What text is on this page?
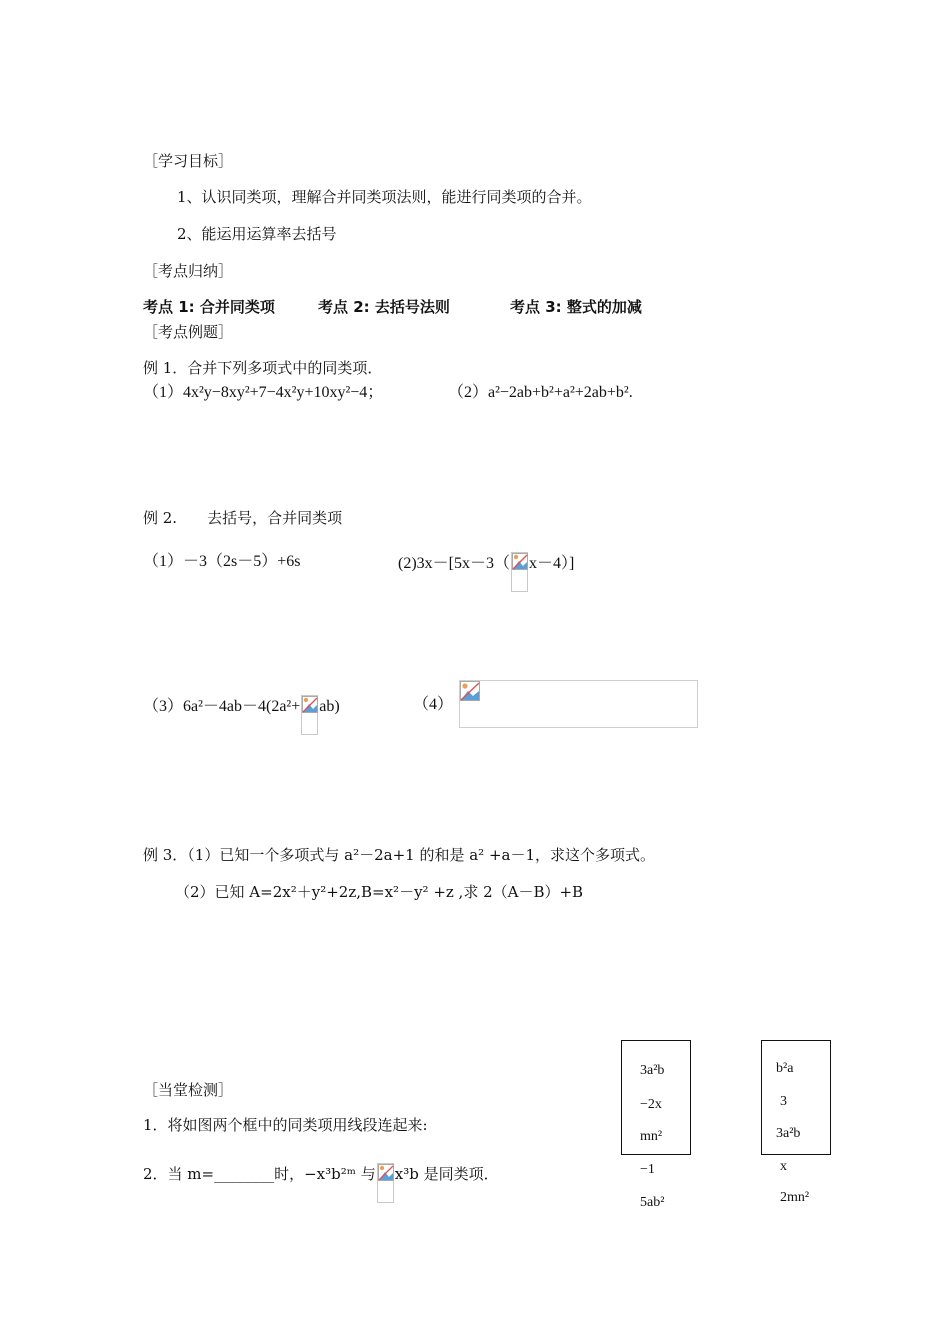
［学习目标］
1、认识同类项，理解合并同类项法则，能进行同类项的合并。
2、能运用运算率去括号
［考点归纳］
考点 1: 合并同类项	考点 2: 去括号法则	考点 3: 整式的加减
［考点例题］
例 1．合并下列多项式中的同类项．
（1）4x²y−8xy²+7−4x²y+10xy²−4；	（2）a²−2ab+b²+a²+2ab+b².
例 2.　　去括号，合并同类项
（1）－3（2s－5）+6s	(2)3x－[5x－3（ x－4）]
（3）6a²－4ab－4(2a²+ ab)	（4）
例 3．（1）已知一个多项式与 a²－2a+1 的和是 a² +a－1，求这个多项式。
（2）已知 A=2x²＋y²+2z,B=x²－y² +z ,求 2（A－B）+B
［当堂检测］
1．将如图两个框中的同类项用线段连起来:
2．当 m=________时，−x³b²ᵐ 与 x³b 是同类项．
3a²b
−2x
mn²
−1
5ab²
b²a
3
3a²b
x
2mn²
